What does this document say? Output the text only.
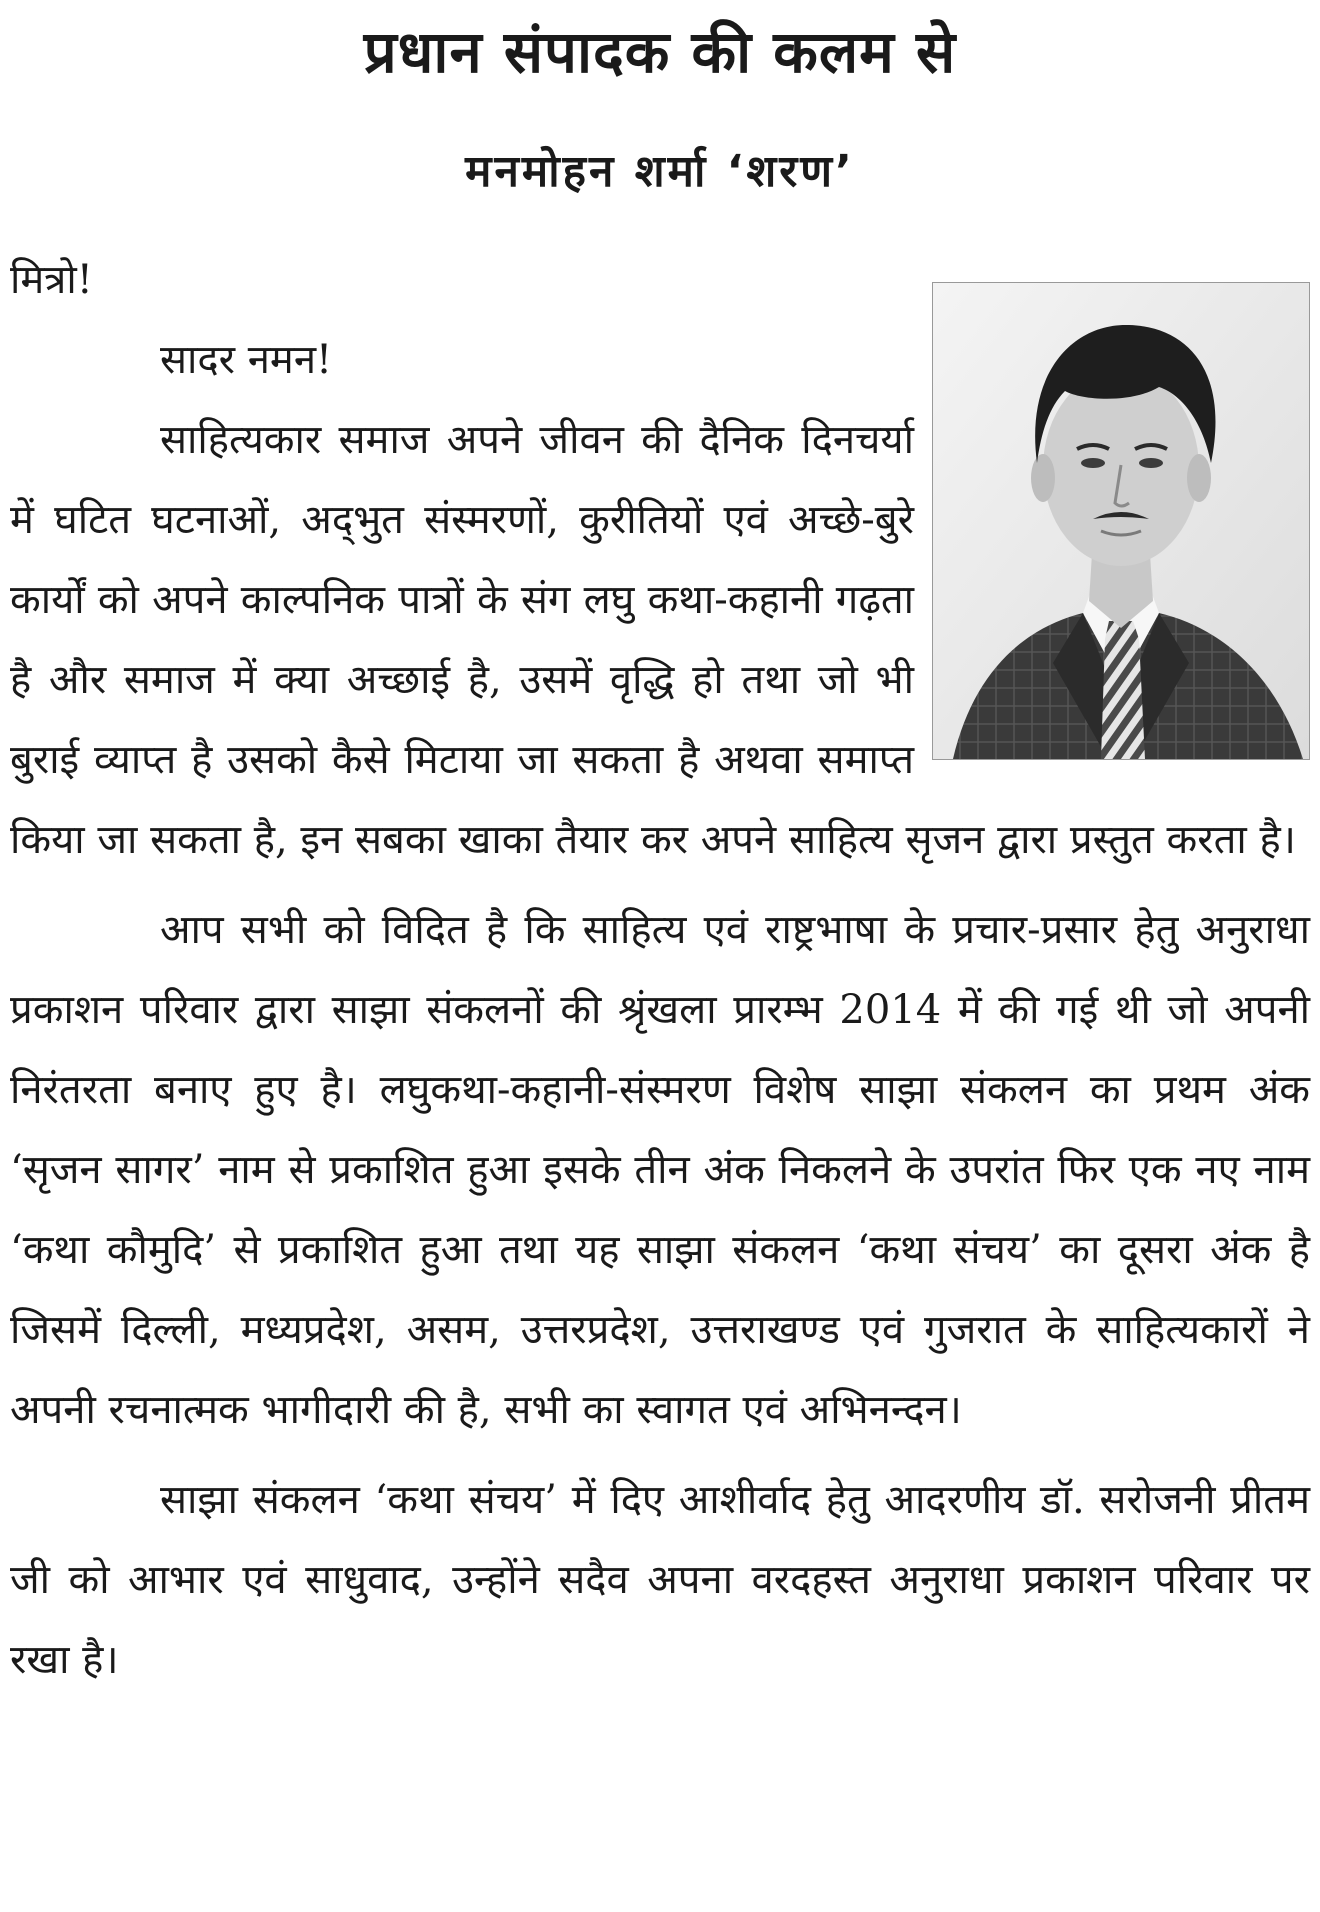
प्रधान संपादक की कलम से
मनमोहन शर्मा ‘शरण’

मित्रो!

सादर नमन!

साहित्यकार समाज अपने जीवन की दैनिक दिनचर्या में घटित घटनाओं, अद्‌भुत संस्मरणों, कुरीतियों एवं अच्छे-बुरे कार्यों को अपने काल्पनिक पात्रों के संग लघु कथा-कहानी गढ़ता है और समाज में क्या अच्छाई है, उसमें वृद्धि हो तथा जो भी बुराई व्याप्त है उसको कैसे मिटाया जा सकता है अथवा समाप्त किया जा सकता है, इन सबका खाका तैयार कर अपने साहित्य सृजन द्वारा प्रस्तुत करता है।

आप सभी को विदित है कि साहित्य एवं राष्ट्रभाषा के प्रचार-प्रसार हेतु अनुराधा प्रकाशन परिवार द्वारा साझा संकलनों की श्रृंखला प्रारम्भ 2014 में की गई थी जो अपनी निरंतरता बनाए हुए है। लघुकथा-कहानी-संस्मरण विशेष साझा संकलन का प्रथम अंक ‘सृजन सागर’ नाम से प्रकाशित हुआ इसके तीन अंक निकलने के उपरांत फिर एक नए नाम ‘कथा कौमुदि’ से प्रकाशित हुआ तथा यह साझा संकलन ‘कथा संचय’ का दूसरा अंक है जिसमें दिल्ली, मध्यप्रदेश, असम, उत्तरप्रदेश, उत्तराखण्ड एवं गुजरात के साहित्यकारों ने अपनी रचनात्मक भागीदारी की है, सभी का स्वागत एवं अभिनन्दन।

साझा संकलन ‘कथा संचय’ में दिए आशीर्वाद हेतु आदरणीय डॉ. सरोजनी प्रीतम जी को आभार एवं साधुवाद, उन्होंने सदैव अपना वरदहस्त अनुराधा प्रकाशन परिवार पर रखा है।
